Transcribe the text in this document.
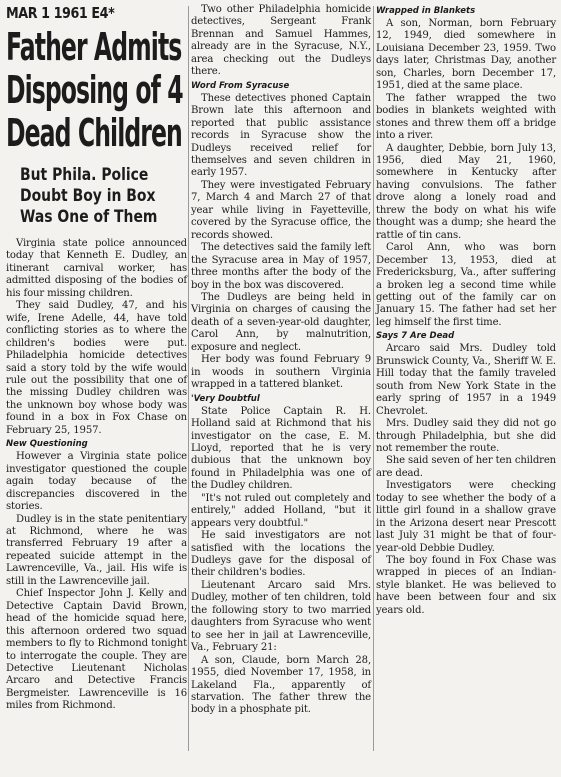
MAR 1 1961 E4*
Father Admits
Disposing of 4
Dead Children
But Phila. Police
Doubt Boy in Box
Was One of Them

Virginia state police announced today that Kenneth E. Dudley, an itinerant carnival worker, has admitted disposing of the bodies of his four missing children.

They said Dudley, 47, and his wife, Irene Adelle, 44, have told conflicting stories as to where the children's bodies were put. Philadelphia homicide detectives said a story told by the wife would rule out the possibility that one of the missing Dudley children was the unknown boy whose body was found in a box in Fox Chase on February 25, 1957.

New Questioning

However a Virginia state police investigator questioned the couple again today because of the discrepancies discovered in the stories.

Dudley is in the state penitentiary at Richmond, where he was transferred February 19 after a repeated suicide attempt in the Lawrenceville, Va., jail. His wife is still in the Lawrenceville jail.

Chief Inspector John J. Kelly and Detective Captain David Brown, head of the homicide squad here, this afternoon ordered two squad members to fly to Richmond tonight to interrogate the couple. They are Detective Lieutenant Nicholas Arcaro and Detective Francis Bergmeister. Lawrenceville is 16 miles from Richmond.

Two other Philadelphia homicide detectives, Sergeant Frank Brennan and Samuel Hammes, already are in the Syracuse, N.Y., area checking out the Dudleys there.

Word From Syracuse

These detectives phoned Captain Brown late this afternoon and reported that public assistance records in Syracuse show the Dudleys received relief for themselves and seven children in early 1957.

They were investigated February 7, March 4 and March 27 of that year while living in Fayetteville, covered by the Syracuse office, the records showed.

The detectives said the family left the Syracuse area in May of 1957, three months after the body of the boy in the box was discovered.

The Dudleys are being held in Virginia on charges of causing the death of a seven-year-old daughter, Carol Ann, by malnutrition, exposure and neglect.

Her body was found February 9 in woods in southern Virginia wrapped in a tattered blanket.

'Very Doubtful

State Police Captain R. H. Holland said at Richmond that his investigator on the case, E. M. Lloyd, reported that he is very dubious that the unknown boy found in Philadelphia was one of the Dudley children.

"It's not ruled out completely and entirely," added Holland, "but it appears very doubtful."

He said investigators are not satisfied with the locations the Dudleys gave for the disposal of their children's bodies.

Lieutenant Arcaro said Mrs. Dudley, mother of ten children, told the following story to two married daughters from Syracuse who went to see her in jail at Lawrenceville, Va., February 21:

A son, Claude, born March 28, 1955, died November 17, 1958, in Lakeland Fla., apparently of starvation. The father threw the body in a phosphate pit.

Wrapped in Blankets

A son, Norman, born February 12, 1949, died somewhere in Louisiana December 23, 1959. Two days later, Christmas Day, another son, Charles, born December 17, 1951, died at the same place.

The father wrapped the two bodies in blankets weighted with stones and threw them off a bridge into a river.

A daughter, Debbie, born July 13, 1956, died May 21, 1960, somewhere in Kentucky after having convulsions. The father drove along a lonely road and threw the body on what his wife thought was a dump; she heard the rattle of tin cans.

Carol Ann, who was born December 13, 1953, died at Fredericksburg, Va., after suffering a broken leg a second time while getting out of the family car on January 15. The father had set her leg himself the first time.

Says 7 Are Dead

Arcaro said Mrs. Dudley told Brunswick County, Va., Sheriff W. E. Hill today that the family traveled south from New York State in the early spring of 1957 in a 1949 Chevrolet.

Mrs. Dudley said they did not go through Philadelphia, but she did not remember the route.

She said seven of her ten children are dead.

Investigators were checking today to see whether the body of a little girl found in a shallow grave in the Arizona desert near Prescott last July 31 might be that of four-year-old Debbie Dudley.

The boy found in Fox Chase was wrapped in pieces of an Indian-style blanket. He was believed to have been between four and six years old.
